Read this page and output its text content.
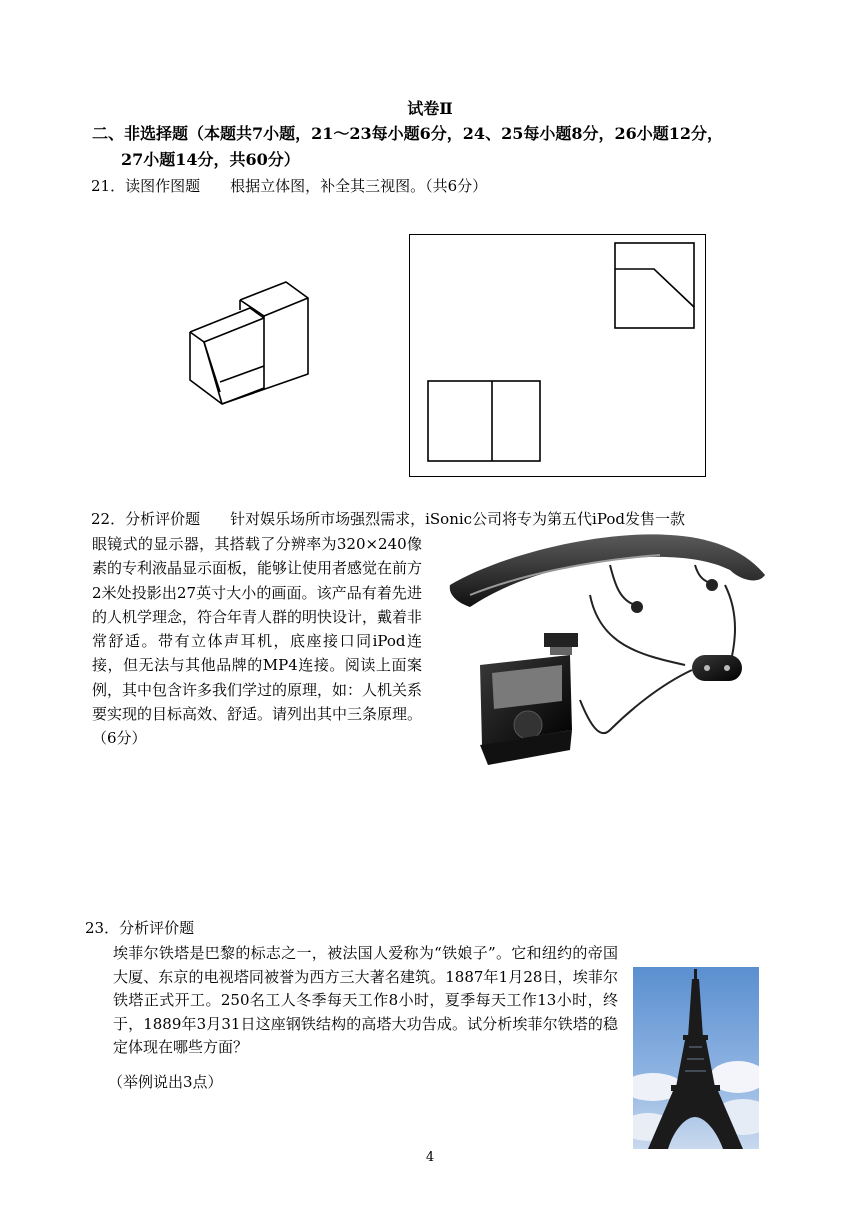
试卷Ⅱ
二、非选择题（本题共7小题，21～23每小题6分，24、25每小题8分，26小题12分，
27小题14分，共60分）
21．读图作图题　　根据立体图，补全其三视图。（共6分）
22．分析评价题　　针对娱乐场所市场强烈需求，iSonic公司将专为第五代iPod发售一款
眼镜式的显示器，其搭载了分辨率为320×240像素的专利液晶显示面板，能够让使用者感觉在前方2米处投影出27英寸大小的画面。该产品有着先进的人机学理念，符合年青人群的明快设计，戴着非常舒适。带有立体声耳机，底座接口同iPod连接，但无法与其他品牌的MP4连接。阅读上面案例，其中包含许多我们学过的原理，如：人机关系要实现的目标高效、舒适。请列出其中三条原理。（6分）
23．分析评价题
埃菲尔铁塔是巴黎的标志之一，被法国人爱称为“铁娘子”。它和纽约的帝国大厦、东京的电视塔同被誉为西方三大著名建筑。1887年1月28日，埃菲尔铁塔正式开工。250名工人冬季每天工作8小时，夏季每天工作13小时，终于，1889年3月31日这座钢铁结构的高塔大功告成。试分析埃菲尔铁塔的稳定体现在哪些方面？
（举例说出3点）
4
